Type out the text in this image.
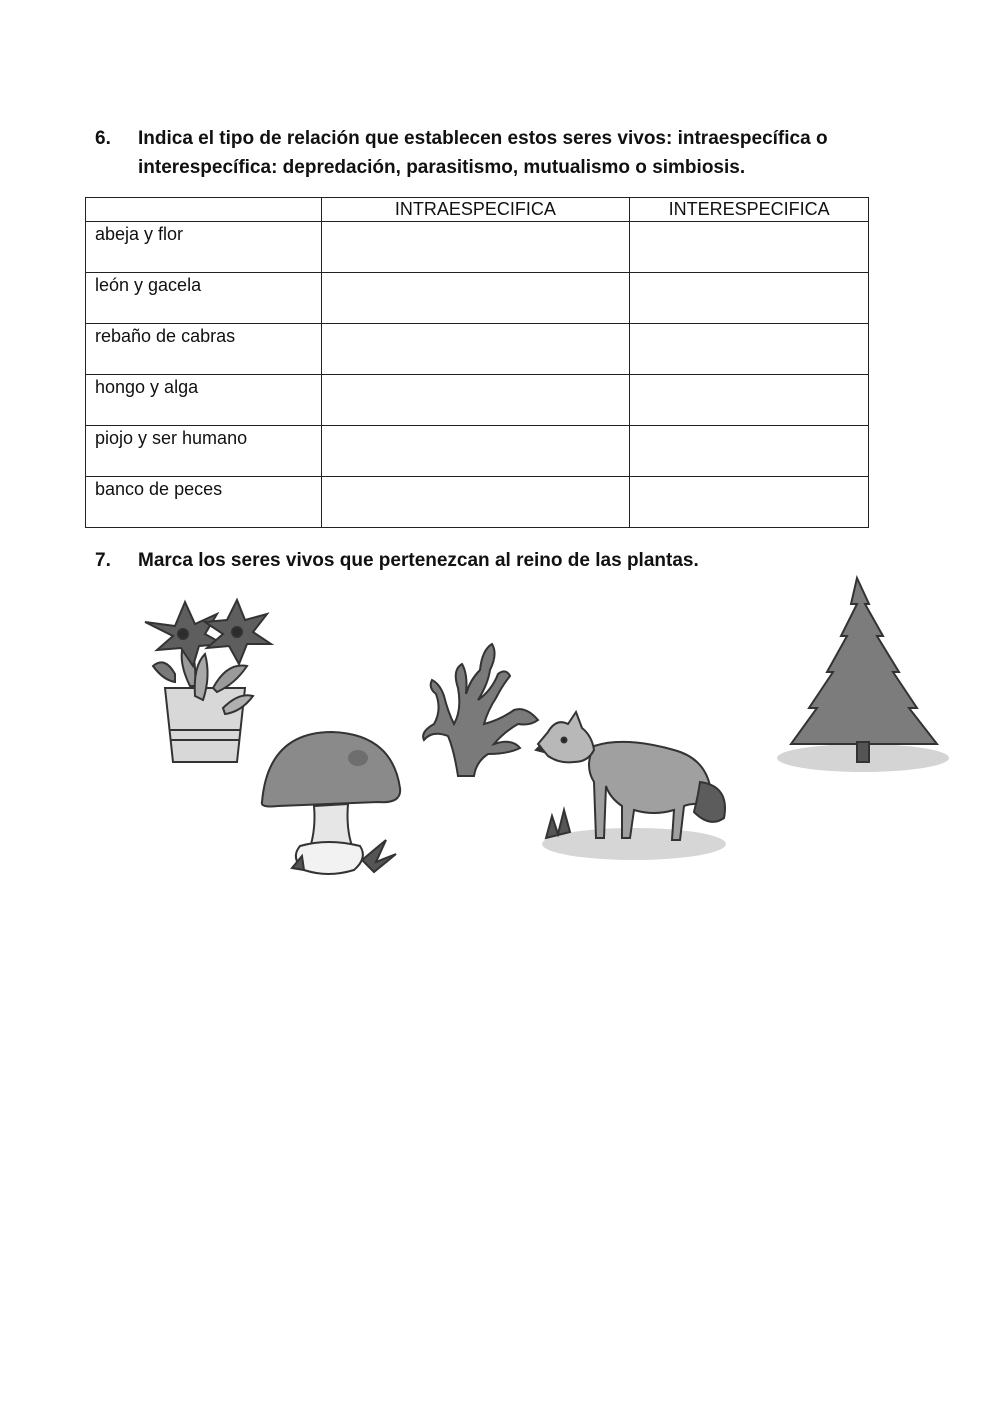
6. Indica el tipo de relación que establecen estos seres vivos: intraespecífica o interespecífica: depredación, parasitismo, mutualismo o simbiosis.
	INTRAESPECIFICA	INTERESPECIFICA
abeja y flor		
león y gacela		
rebaño de cabras		
hongo y alga		
piojo y ser humano		
banco de peces		
7. Marca los seres vivos que pertenezcan al reino de las plantas.
